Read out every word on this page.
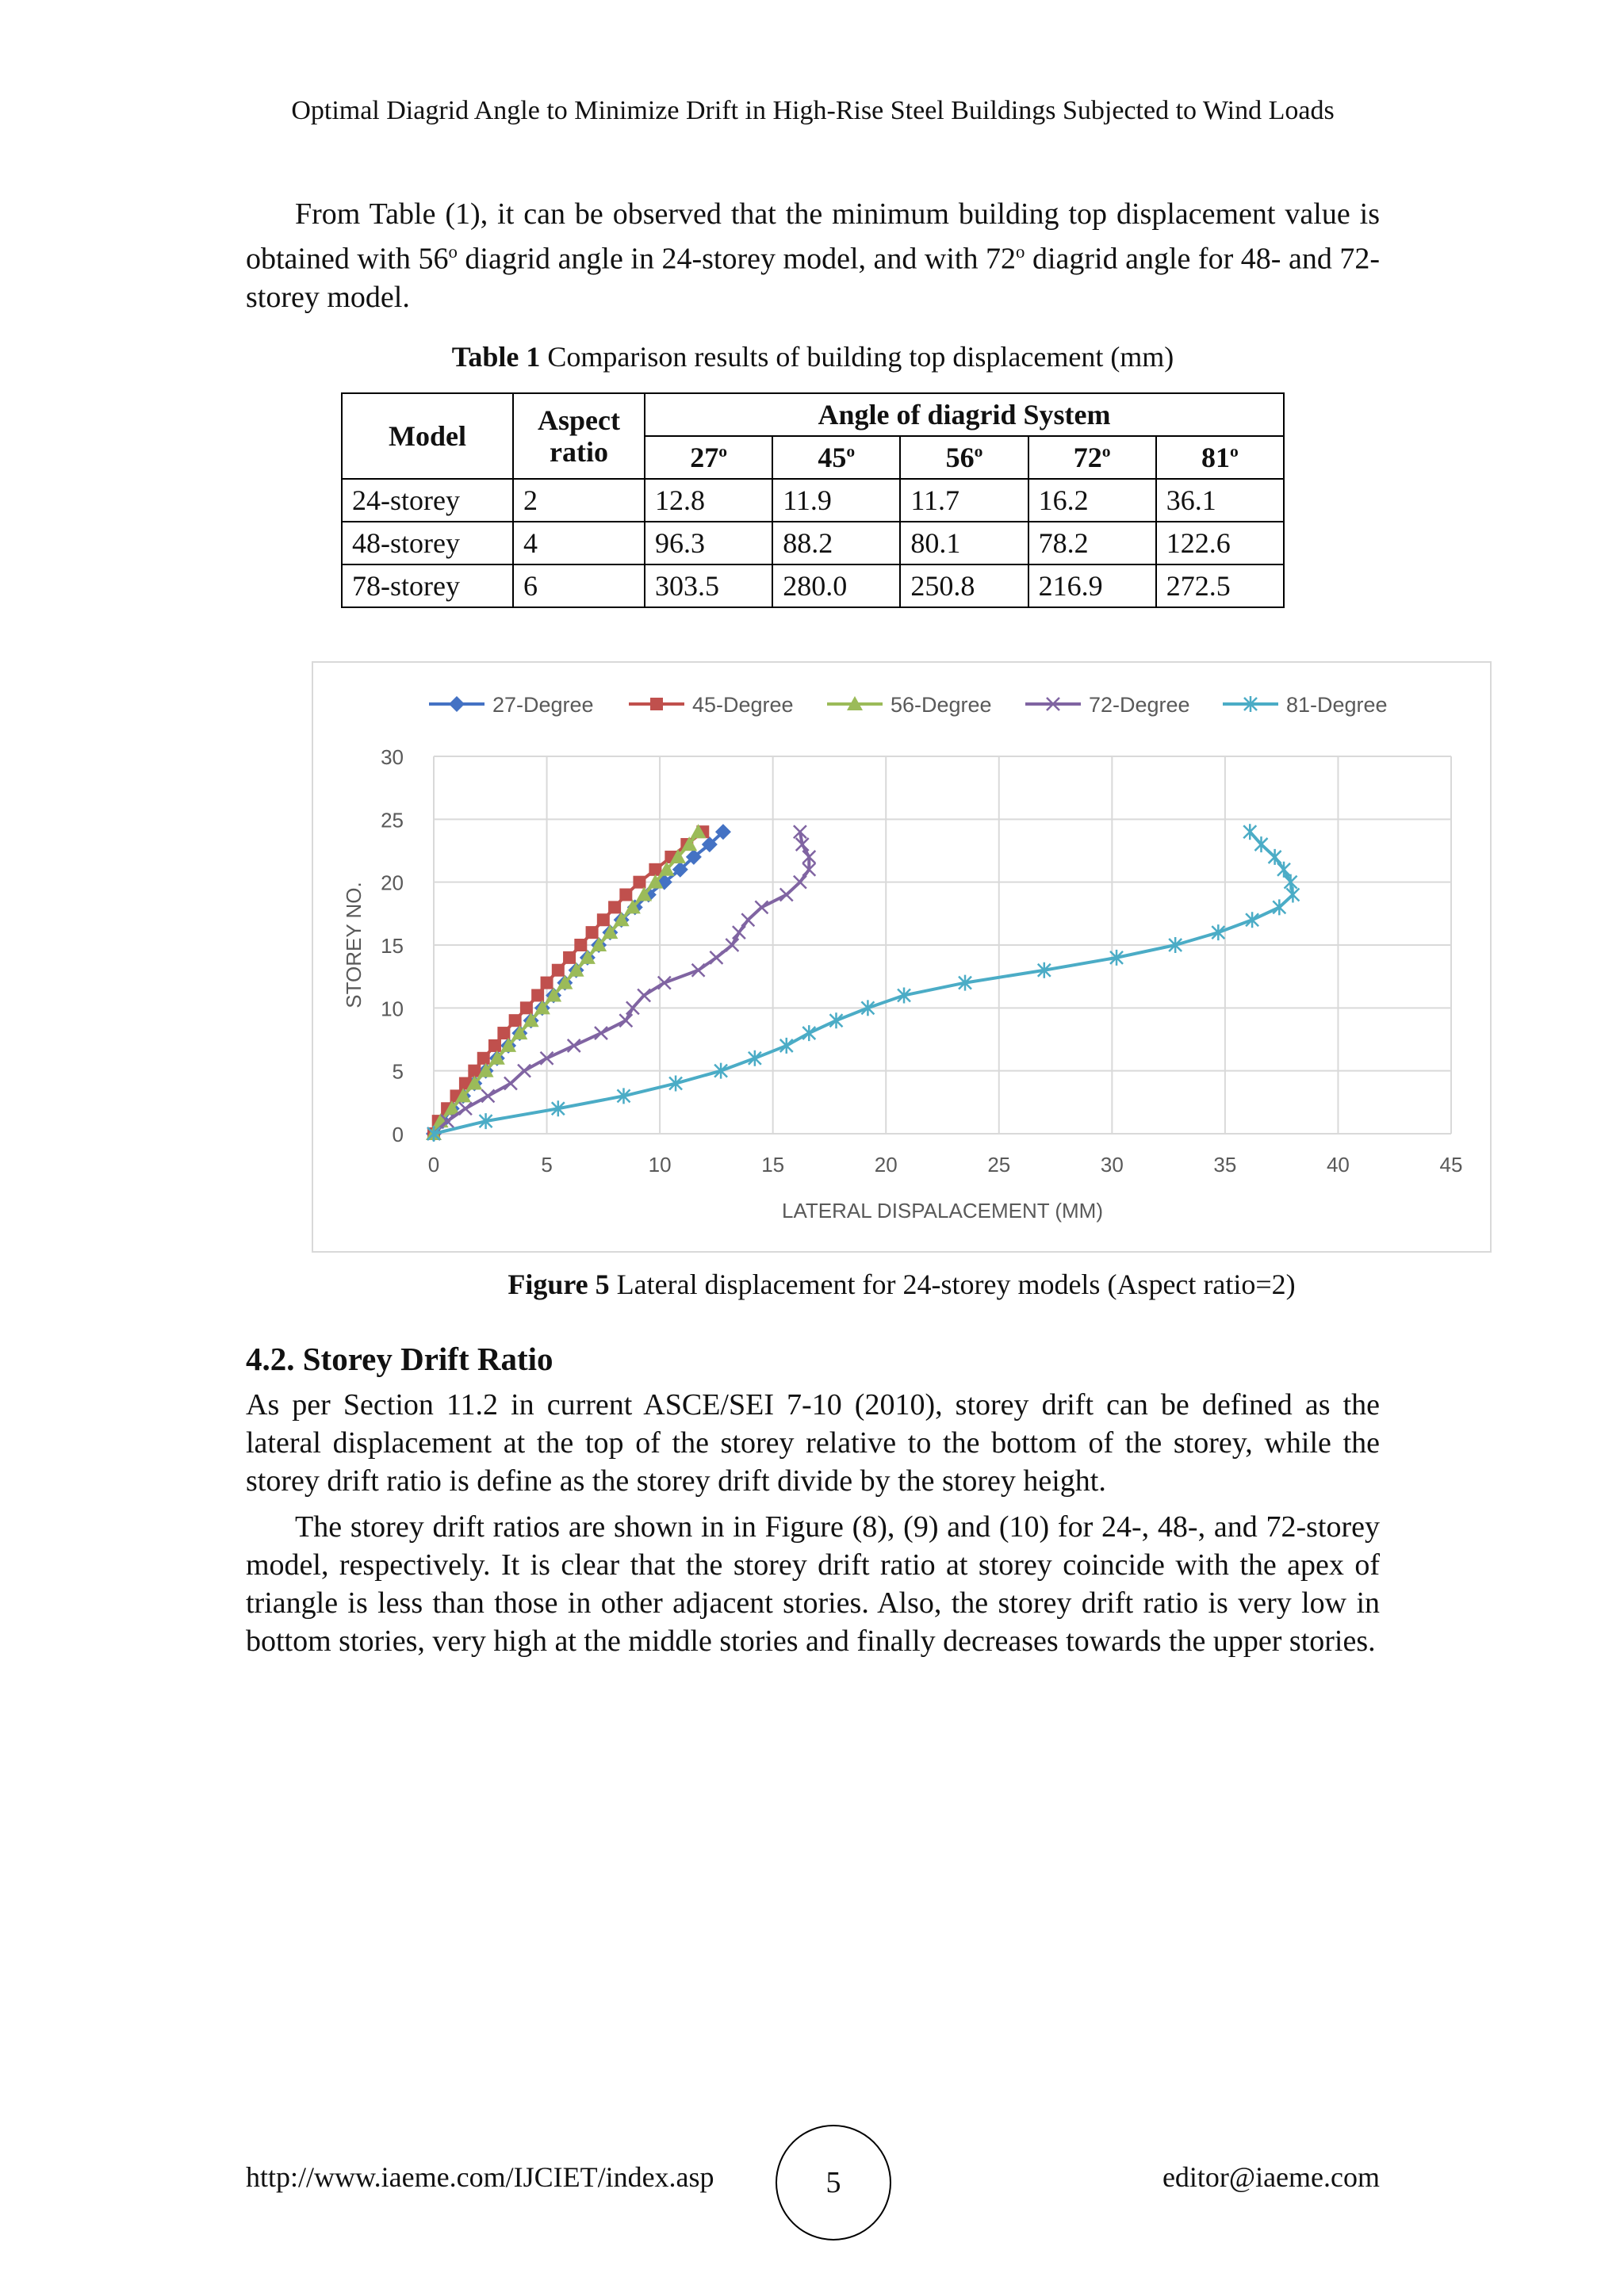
Optimal Diagrid Angle to Minimize Drift in High-Rise Steel Buildings Subjected to Wind Loads

From Table (1), it can be observed that the minimum building top displacement value is obtained with 56$^o$ diagrid angle in 24-storey model, and with 72$^o$ diagrid angle for 48- and 72-storey model.

Table 1 Comparison results of building top displacement (mm)
Model	Aspect ratio	Angle of diagrid System				
		27$^o$	45$^o$	56$^o$	72$^o$	81$^o$
24-storey	2	12.8	11.9	11.7	16.2	36.1
48-storey	4	96.3	88.2	80.1	78.2	122.6
78-storey	6	303.5	280.0	250.8	216.9	272.5
0
5
10
15
20
25
30
0	5	10	15	20	25	30	35	40	45
LATERAL DISPALACEMENT (MM)
STOREY NO.
27-Degree	45-Degree	56-Degree	72-Degree	81-Degree
Figure 5 Lateral displacement for 24-storey models (Aspect ratio=2)
4.2. Storey Drift Ratio

As per Section 11.2 in current ASCE/SEI 7-10 (2010), storey drift can be defined as the lateral displacement at the top of the storey relative to the bottom of the storey, while the storey drift ratio is define as the storey drift divide by the storey height.

The storey drift ratios are shown in in Figure (8), (9) and (10) for 24-, 48-, and 72-storey model, respectively. It is clear that the storey drift ratio at storey coincide with the apex of triangle is less than those in other adjacent stories. Also, the storey drift ratio is very low in bottom stories, very high at the middle stories and finally decreases towards the upper stories.

http://www.iaeme.com/IJCIET/index.asp	5	editor@iaeme.com
